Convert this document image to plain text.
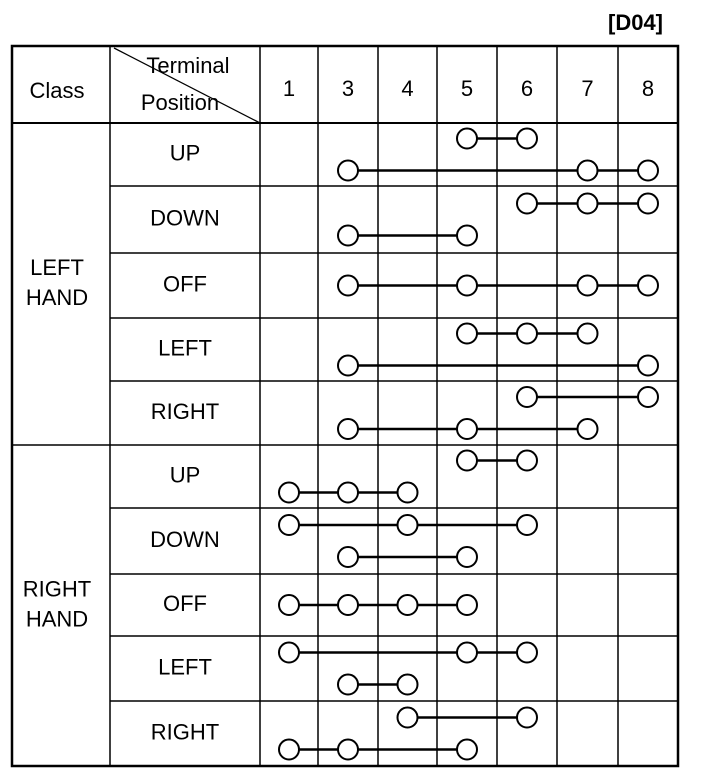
[D04]
Class
Terminal
Position
1 3 4 5 6 7 8
LEFT
HAND
UP
DOWN
OFF
LEFT
RIGHT
RIGHT
HAND
UP
DOWN
OFF
LEFT
RIGHT
